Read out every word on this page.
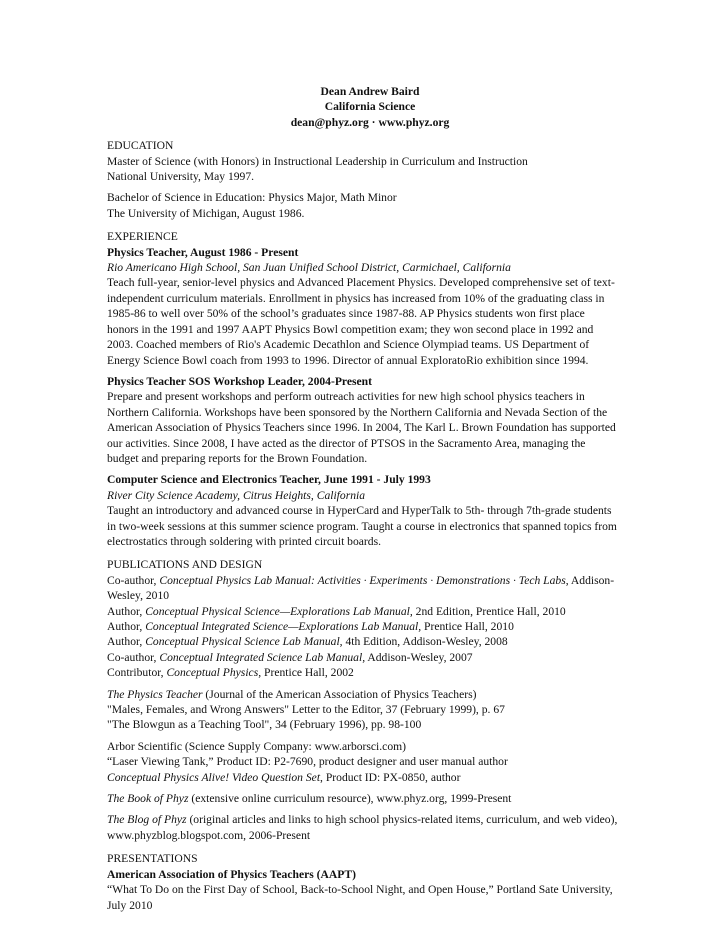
Dean Andrew Baird
California Science
dean@phyz.org · www.phyz.org
EDUCATION
Master of Science (with Honors) in Instructional Leadership in Curriculum and Instruction
National University, May 1997.
Bachelor of Science in Education: Physics Major, Math Minor
The University of Michigan, August 1986.
EXPERIENCE
Physics Teacher, August 1986 - Present
Rio Americano High School, San Juan Unified School District, Carmichael, California

Teach full-year, senior-level physics and Advanced Placement Physics. Developed comprehensive set of text-independent curriculum materials. Enrollment in physics has increased from 10% of the graduating class in 1985-86 to well over 50% of the school’s graduates since 1987-88. AP Physics students won first place honors in the 1991 and 1997 AAPT Physics Bowl competition exam; they won second place in 1992 and 2003. Coached members of Rio's Academic Decathlon and Science Olympiad teams. US Department of Energy Science Bowl coach from 1993 to 1996. Director of annual ExploratoRio exhibition since 1994.

Physics Teacher SOS Workshop Leader, 2004-Present

Prepare and present workshops and perform outreach activities for new high school physics teachers in Northern California. Workshops have been sponsored by the Northern California and Nevada Section of the American Association of Physics Teachers since 1996. In 2004, The Karl L. Brown Foundation has supported our activities. Since 2008, I have acted as the director of PTSOS in the Sacramento Area, managing the budget and preparing reports for the Brown Foundation.

Computer Science and Electronics Teacher, June 1991 - July 1993
River City Science Academy, Citrus Heights, California

Taught an introductory and advanced course in HyperCard and HyperTalk to 5th- through 7th-grade students in two-week sessions at this summer science program. Taught a course in electronics that spanned topics from electrostatics through soldering with printed circuit boards.

PUBLICATIONS AND DESIGN
Co-author, Conceptual Physics Lab Manual: Activities · Experiments · Demonstrations · Tech Labs, Addison-Wesley, 2010
Author, Conceptual Physical Science—Explorations Lab Manual, 2nd Edition, Prentice Hall, 2010
Author, Conceptual Integrated Science—Explorations Lab Manual, Prentice Hall, 2010
Author, Conceptual Physical Science Lab Manual, 4th Edition, Addison-Wesley, 2008
Co-author, Conceptual Integrated Science Lab Manual, Addison-Wesley, 2007
Contributor, Conceptual Physics, Prentice Hall, 2002
The Physics Teacher (Journal of the American Association of Physics Teachers)
"Males, Females, and Wrong Answers" Letter to the Editor, 37 (February 1999), p. 67
"The Blowgun as a Teaching Tool", 34 (February 1996), pp. 98-100
Arbor Scientific (Science Supply Company: www.arborsci.com)
“Laser Viewing Tank,” Product ID: P2-7690, product designer and user manual author
Conceptual Physics Alive! Video Question Set, Product ID: PX-0850, author
The Book of Phyz (extensive online curriculum resource), www.phyz.org, 1999-Present
The Blog of Phyz (original articles and links to high school physics-related items, curriculum, and web video), www.phyzblog.blogspot.com, 2006-Present
PRESENTATIONS
American Association of Physics Teachers (AAPT)
“What To Do on the First Day of School, Back-to-School Night, and Open House,” Portland Sate University, July 2010
